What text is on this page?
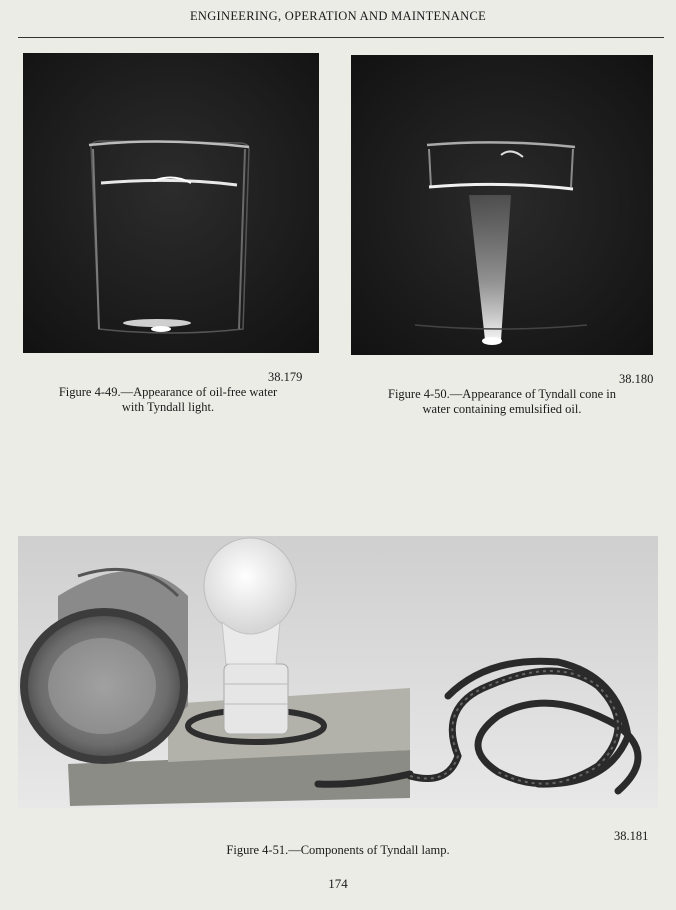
ENGINEERING, OPERATION AND MAINTENANCE
38.179
Figure 4-49.—Appearance of oil-free water
with Tyndall light.
38.180
Figure 4-50.—Appearance of Tyndall cone in
water containing emulsified oil.
38.181
Figure 4-51.—Components of Tyndall lamp.
174
